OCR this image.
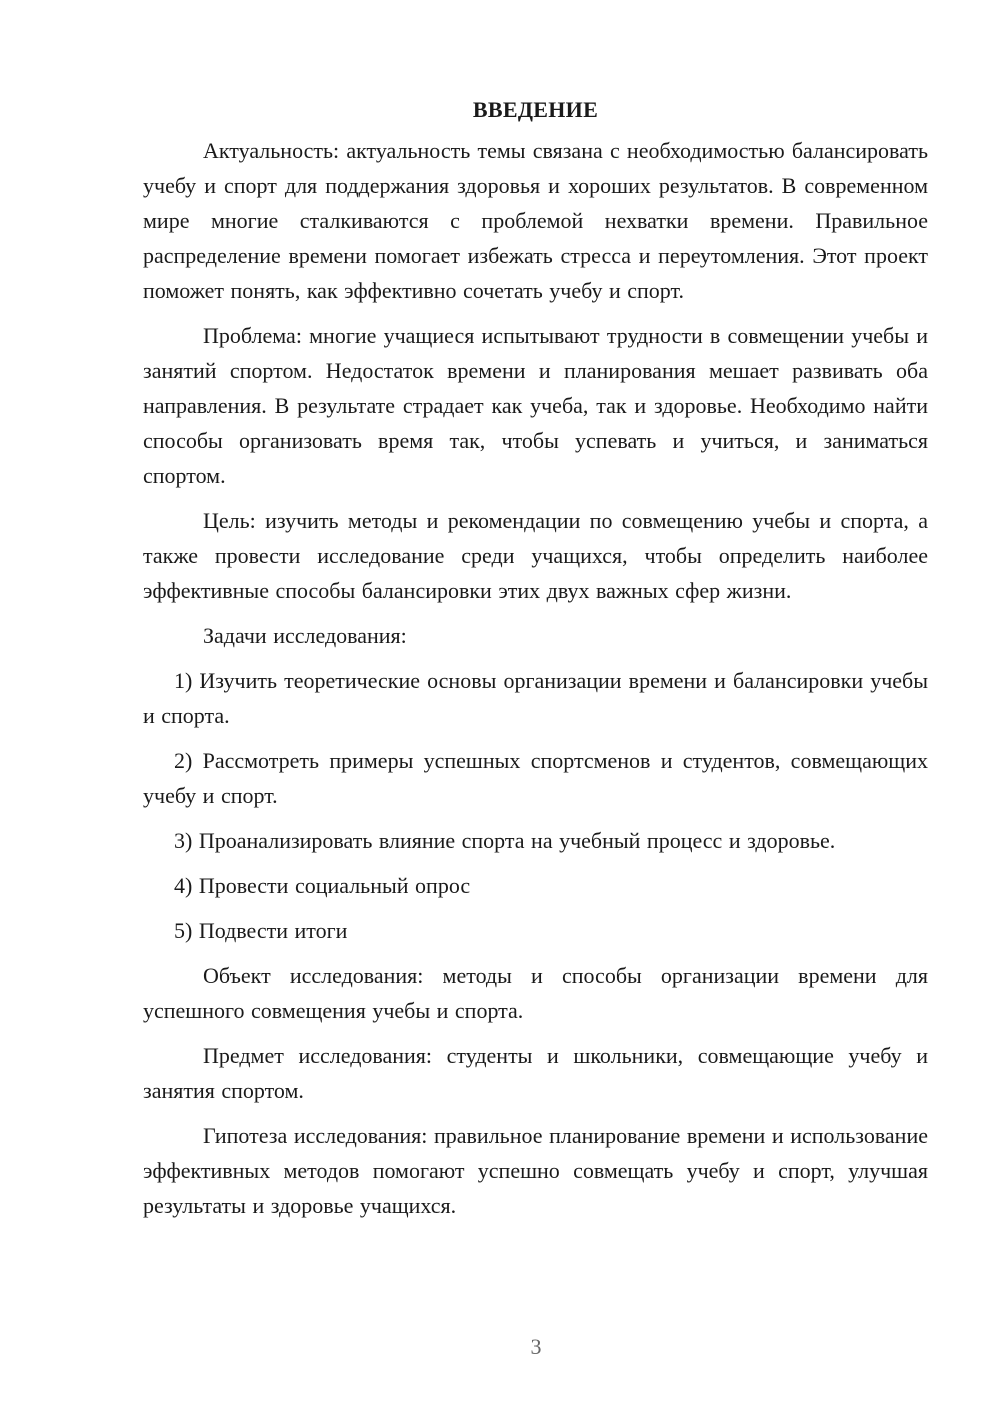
ВВЕДЕНИЕ

Актуальность: актуальность темы связана с необходимостью балансировать учебу и спорт для поддержания здоровья и хороших результатов. В современном мире многие сталкиваются с проблемой нехватки времени. Правильное распределение времени помогает избежать стресса и переутомления. Этот проект поможет понять, как эффективно сочетать учебу и спорт.

Проблема: многие учащиеся испытывают трудности в совмещении учебы и занятий спортом. Недостаток времени и планирования мешает развивать оба направления. В результате страдает как учеба, так и здоровье. Необходимо найти способы организовать время так, чтобы успевать и учиться, и заниматься спортом.

Цель: изучить методы и рекомендации по совмещению учебы и спорта, а также провести исследование среди учащихся, чтобы определить наиболее эффективные способы балансировки этих двух важных сфер жизни.

Задачи исследования:

1) Изучить теоретические основы организации времени и балансировки учебы и спорта.

2) Рассмотреть примеры успешных спортсменов и студентов, совмещающих учебу и спорт.

3) Проанализировать влияние спорта на учебный процесс и здоровье.

4) Провести социальный опрос

5) Подвести итоги

Объект исследования: методы и способы организации времени для успешного совмещения учебы и спорта.

Предмет исследования: студенты и школьники, совмещающие учебу и занятия спортом.

Гипотеза исследования: правильное планирование времени и использование эффективных методов помогают успешно совмещать учебу и спорт, улучшая результаты и здоровье учащихся.

3
